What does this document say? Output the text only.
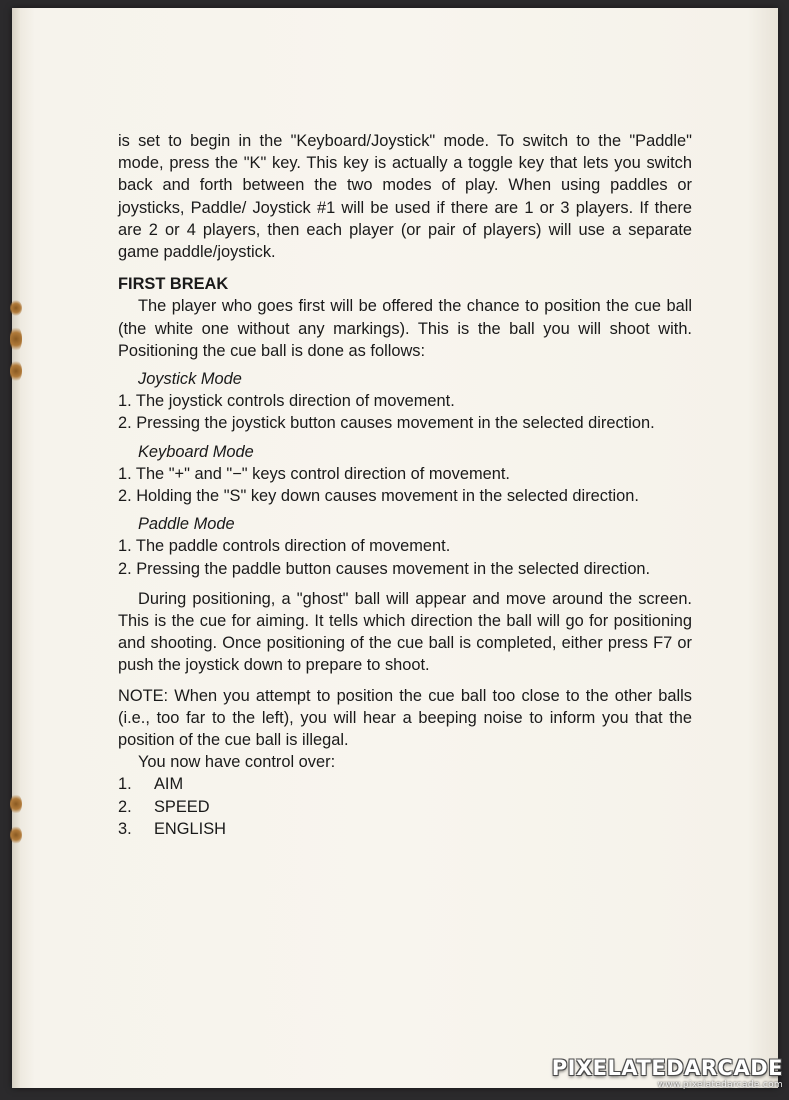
is set to begin in the "Keyboard/Joystick" mode. To switch to the "Paddle" mode, press the "K" key. This key is actually a toggle key that lets you switch back and forth between the two modes of play. When using paddles or joysticks, Paddle/ Joystick #1 will be used if there are 1 or 3 players. If there are 2 or 4 players, then each player (or pair of players) will use a separate game paddle/joystick.

FIRST BREAK

The player who goes first will be offered the chance to position the cue ball (the white one without any markings). This is the ball you will shoot with. Positioning the cue ball is done as follows:

Joystick Mode

1. The joystick controls direction of movement.

2. Pressing the joystick button causes movement in the selected direction.

Keyboard Mode

1. The "+" and "−" keys control direction of movement.

2. Holding the "S" key down causes movement in the selected direction.

Paddle Mode

1. The paddle controls direction of movement.

2. Pressing the paddle button causes movement in the selected direction.

During positioning, a "ghost" ball will appear and move around the screen. This is the cue for aiming. It tells which direction the ball will go for positioning and shooting. Once positioning of the cue ball is completed, either press F7 or push the joystick down to prepare to shoot.

NOTE: When you attempt to position the cue ball too close to the other balls (i.e., too far to the left), you will hear a beeping noise to inform you that the position of the cue ball is illegal.

You now have control over:

1. AIM
2. SPEED
3. ENGLISH
PIXELATEDARCADE
www.pixelatedarcade.com
